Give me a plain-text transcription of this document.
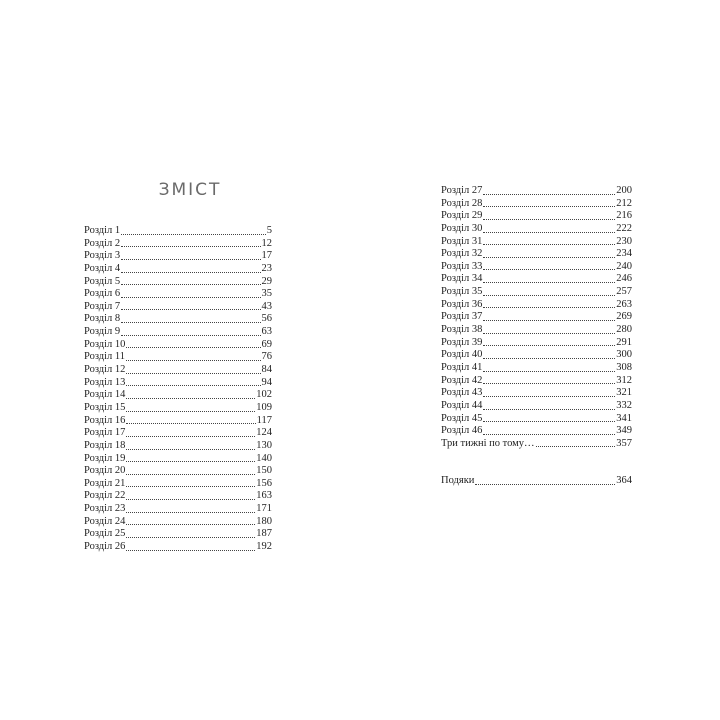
ЗМІСТ
Розділ 1	5
Розділ 2	12
Розділ 3	17
Розділ 4	23
Розділ 5	29
Розділ 6	35
Розділ 7	43
Розділ 8	56
Розділ 9	63
Розділ 10	69
Розділ 11	76
Розділ 12	84
Розділ 13	94
Розділ 14	102
Розділ 15	109
Розділ 16	117
Розділ 17	124
Розділ 18	130
Розділ 19	140
Розділ 20	150
Розділ 21	156
Розділ 22	163
Розділ 23	171
Розділ 24	180
Розділ 25	187
Розділ 26	192
Розділ 27	200
Розділ 28	212
Розділ 29	216
Розділ 30	222
Розділ 31	230
Розділ 32	234
Розділ 33	240
Розділ 34	246
Розділ 35	257
Розділ 36	263
Розділ 37	269
Розділ 38	280
Розділ 39	291
Розділ 40	300
Розділ 41	308
Розділ 42	312
Розділ 43	321
Розділ 44	332
Розділ 45	341
Розділ 46	349
Три тижні по тому…	357
Подяки	364
